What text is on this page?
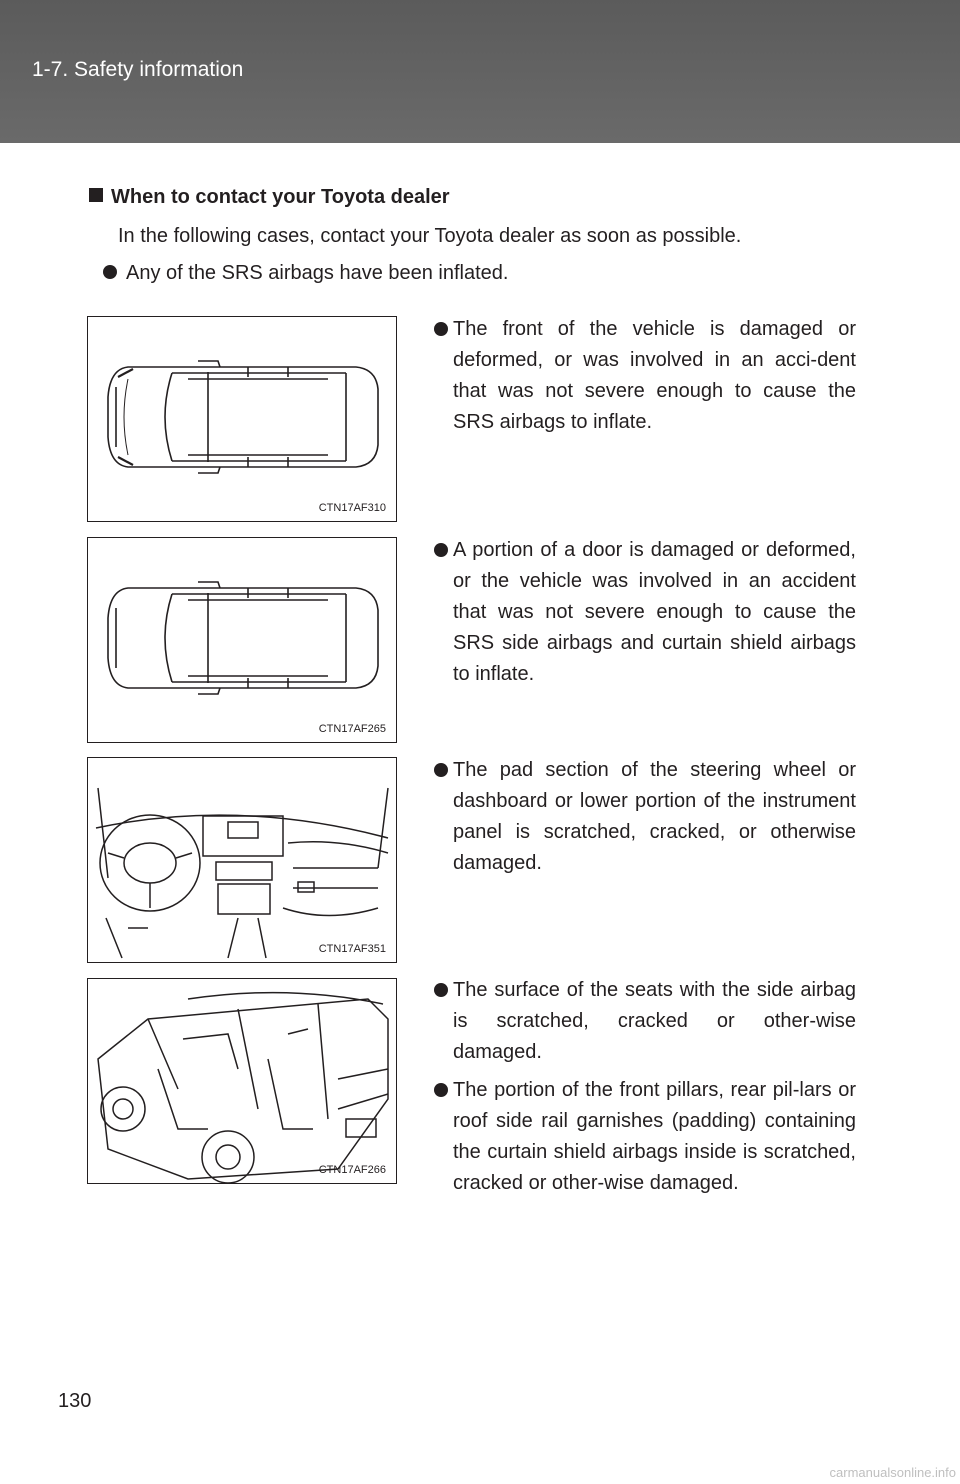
1-7. Safety information
When to contact your Toyota dealer
In the following cases, contact your Toyota dealer as soon as possible.
Any of the SRS airbags have been inflated.
CTN17AF310
CTN17AF265
CTN17AF351
CTN17AF266
The front of the vehicle is damaged or deformed, or was involved in an acci-dent that was not severe enough to cause the SRS airbags to inflate.
A portion of a door is damaged or deformed, or the vehicle was involved in an accident that was not severe enough to cause the SRS side airbags and curtain shield airbags to inflate.
The pad section of the steering wheel or dashboard or lower portion of the instrument panel is scratched, cracked, or otherwise damaged.
The surface of the seats with the side airbag is scratched, cracked or other-wise damaged.
The portion of the front pillars, rear pil-lars or roof side rail garnishes (padding) containing the curtain shield airbags inside is scratched, cracked or other-wise damaged.
130
carmanualsonline.info
